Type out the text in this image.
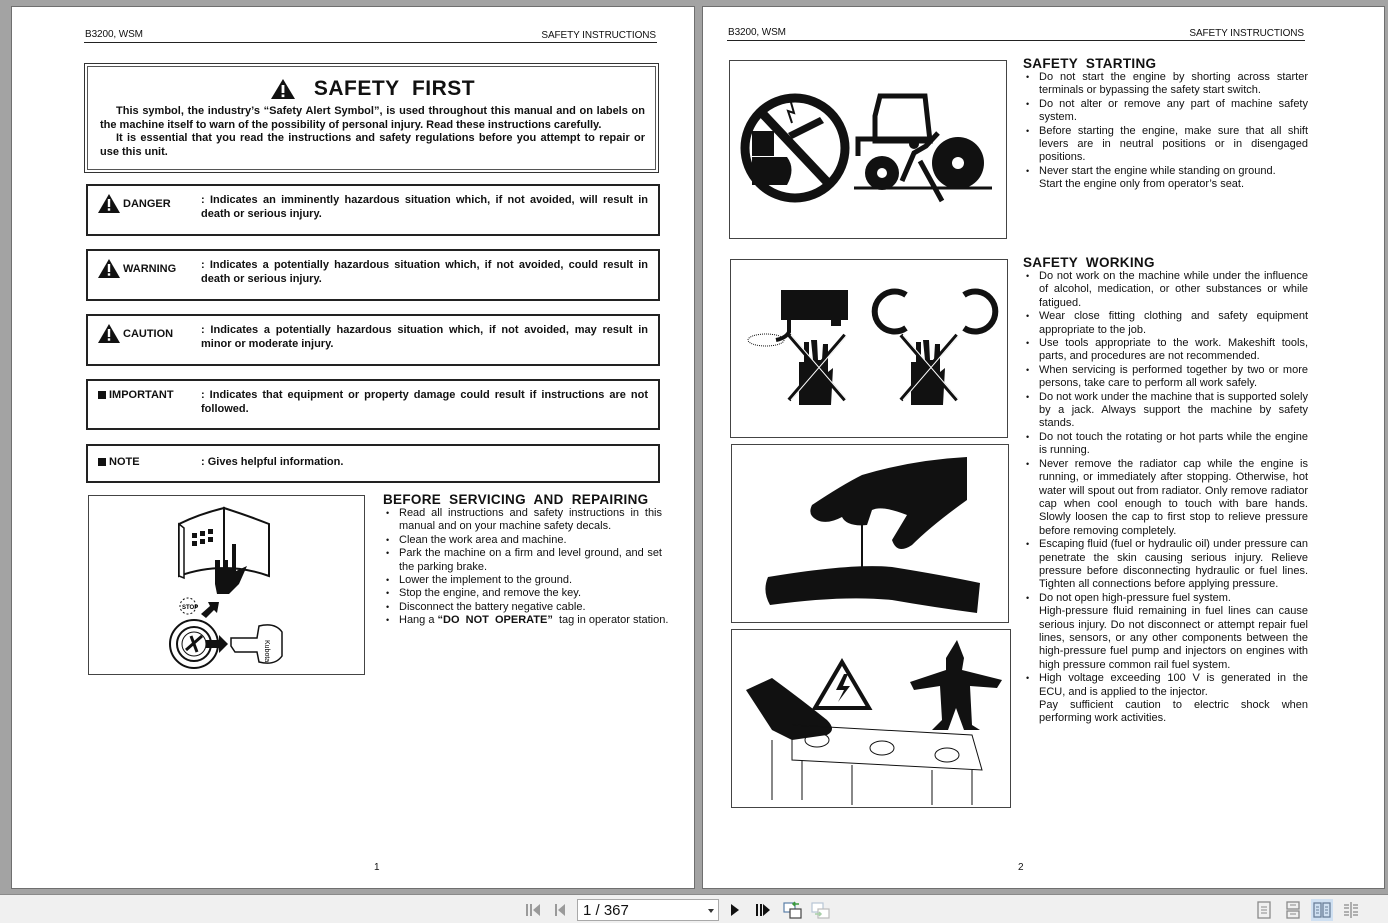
B3200, WSM	SAFETY INSTRUCTIONS
SAFETY  FIRST

This symbol, the industry’s “Safety Alert Symbol”, is used throughout this manual and on labels on the machine itself to warn of the possibility of personal injury. Read these instructions carefully.

It is essential that you read the instructions and safety regulations before you attempt to repair or use this unit.

DANGER	: Indicates an imminently hazardous situation which, if not avoided, will result in death or serious injury.
WARNING : Indicates a potentially hazardous situation which, if not avoided, could result in death or serious injury.
CAUTION	: Indicates a potentially hazardous situation which, if not avoided, may result in minor or moderate injury.
IMPORTANT : Indicates that equipment or property damage could result if instructions are not followed.
NOTE	: Gives helpful information.
STOP
Kubota
BEFORE  SERVICING  AND  REPAIRING
• Read all instructions and safety instructions in this manual and on your machine safety decals.
• Clean the work area and machine.
• Park the machine on a firm and level ground, and set the parking brake.
• Lower the implement to the ground.
• Stop the engine, and remove the key.
• Disconnect the battery negative cable.
• Hang a “DO  NOT  OPERATE”  tag in operator station.
1
B3200, WSM	SAFETY INSTRUCTIONS
SAFETY  STARTING
• Do not start the engine by shorting across starter terminals or bypassing the safety start switch.
• Do not alter or remove any part of machine safety system.
• Before starting the engine, make sure that all shift levers are in neutral positions or in disengaged positions.
• Never start the engine while standing on ground.
Start the engine only from operator’s seat.
SAFETY  WORKING
• Do not work on the machine while under the influence of alcohol, medication, or other substances or while fatigued.
• Wear close fitting clothing and safety equipment appropriate to the job.
• Use tools appropriate to the work. Makeshift tools, parts, and procedures are not recommended.
• When servicing is performed together by two or more persons, take care to perform all work safely.
• Do not work under the machine that is supported solely by a jack. Always support the machine by safety stands.
• Do not touch the rotating or hot parts while the engine is running.
• Never remove the radiator cap while the engine is running, or immediately after stopping. Otherwise, hot water will spout out from radiator. Only remove radiator cap when cool enough to touch with bare hands. Slowly loosen the cap to first stop to relieve pressure before removing completely.
• Escaping fluid (fuel or hydraulic oil) under pressure can penetrate the skin causing serious injury. Relieve pressure before disconnecting hydraulic or fuel lines. Tighten all connections before applying pressure.
• Do not open high-pressure fuel system.
High-pressure fluid remaining in fuel lines can cause serious injury. Do not disconnect or attempt repair fuel lines, sensors, or any other components between the high-pressure fuel pump and injectors on engines with high pressure common rail fuel system.
• High voltage exceeding 100 V is generated in the ECU, and is applied to the injector.
Pay sufficient caution to electric shock when performing work activities.
2
1 / 367
